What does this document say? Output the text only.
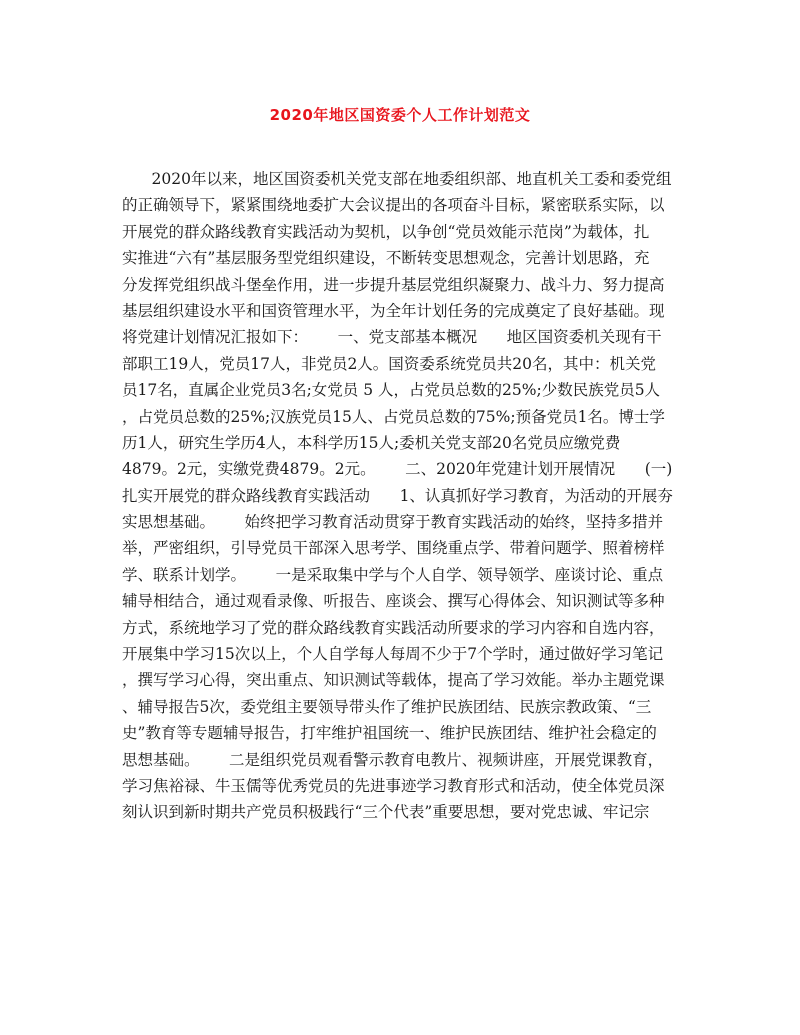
2020年地区国资委个人工作计划范文
2020年以来，地区国资委机关党支部在地委组织部、地直机关工委和委党组
的正确领导下，紧紧围绕地委扩大会议提出的各项奋斗目标，紧密联系实际，以
开展党的群众路线教育实践活动为契机，以争创“党员效能示范岗”为载体，扎
实推进“六有”基层服务型党组织建设，不断转变思想观念，完善计划思路，充
分发挥党组织战斗堡垒作用，进一步提升基层党组织凝聚力、战斗力、努力提高
基层组织建设水平和国资管理水平，为全年计划任务的完成奠定了良好基础。现
将党建计划情况汇报如下：      一、党支部基本概况      地区国资委机关现有干
部职工19人，党员17人，非党员2人。国资委系统党员共20名，其中：机关党
员17名，直属企业党员3名;女党员 5 人，占党员总数的25%;少数民族党员5人
，占党员总数的25%;汉族党员15人、占党员总数的75%;预备党员1名。博士学
历1人，研究生学历4人，本科学历15人;委机关党支部20名党员应缴党费
4879。2元，实缴党费4879。2元。      二、2020年党建计划开展情况      (一)
扎实开展党的群众路线教育实践活动      1、认真抓好学习教育，为活动的开展夯
实思想基础。      始终把学习教育活动贯穿于教育实践活动的始终，坚持多措并
举，严密组织，引导党员干部深入思考学、围绕重点学、带着问题学、照着榜样
学、联系计划学。      一是采取集中学与个人自学、领导领学、座谈讨论、重点
辅导相结合，通过观看录像、听报告、座谈会、撰写心得体会、知识测试等多种
方式，系统地学习了党的群众路线教育实践活动所要求的学习内容和自选内容，
开展集中学习15次以上，个人自学每人每周不少于7个学时，通过做好学习笔记
，撰写学习心得，突出重点、知识测试等载体，提高了学习效能。举办主题党课
、辅导报告5次，委党组主要领导带头作了维护民族团结、民族宗教政策、“三
史”教育等专题辅导报告，打牢维护祖国统一、维护民族团结、维护社会稳定的
思想基础。      二是组织党员观看警示教育电教片、视频讲座，开展党课教育，
学习焦裕禄、牛玉儒等优秀党员的先进事迹学习教育形式和活动，使全体党员深
刻认识到新时期共产党员积极践行“三个代表”重要思想，要对党忠诚、牢记宗
